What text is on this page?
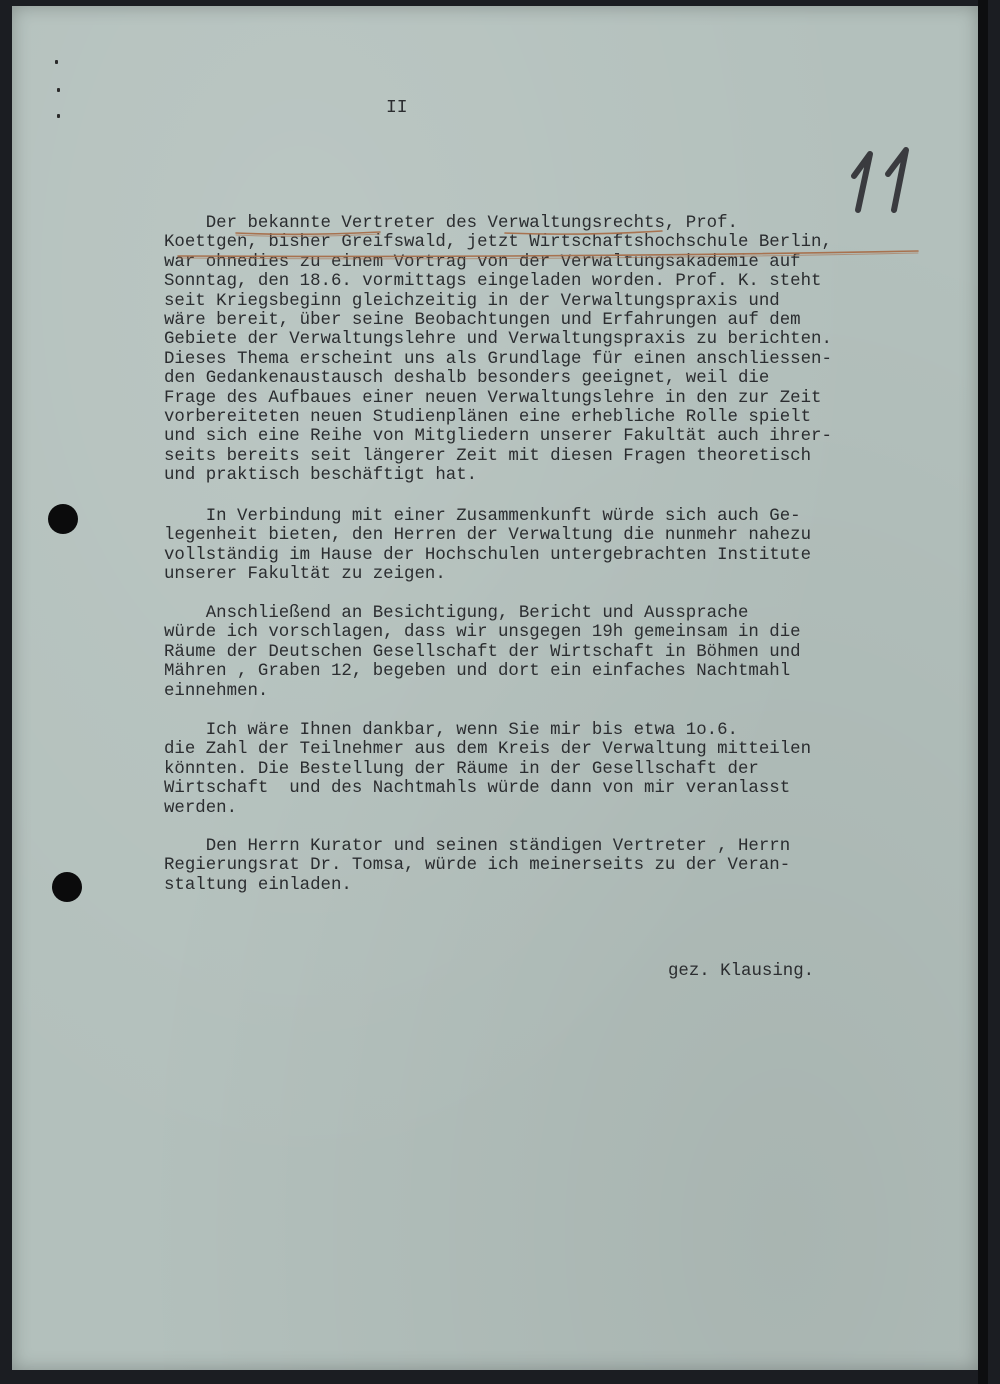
II
Der bekannte Vertreter des Verwaltungsrechts, Prof.
Koettgen, bisher Greifswald, jetzt Wirtschaftshochschule Berlin,
war ohnedies zu einem Vortrag von der Verwaltungsakademie auf
Sonntag, den 18.6. vormittags eingeladen worden. Prof. K. steht
seit Kriegsbeginn gleichzeitig in der Verwaltungspraxis und
wäre bereit, über seine Beobachtungen und Erfahrungen auf dem
Gebiete der Verwaltungslehre und Verwaltungspraxis zu berichten.
Dieses Thema erscheint uns als Grundlage für einen anschliessen-
den Gedankenaustausch deshalb besonders geeignet, weil die
Frage des Aufbaues einer neuen Verwaltungslehre in den zur Zeit
vorbereiteten neuen Studienplänen eine erhebliche Rolle spielt
und sich eine Reihe von Mitgliedern unserer Fakultät auch ihrer-
seits bereits seit längerer Zeit mit diesen Fragen theoretisch
und praktisch beschäftigt hat.
In Verbindung mit einer Zusammenkunft würde sich auch Ge-
legenheit bieten, den Herren der Verwaltung die nunmehr nahezu
vollständig im Hause der Hochschulen untergebrachten Institute
unserer Fakultät zu zeigen.
Anschließend an Besichtigung, Bericht und Aussprache
würde ich vorschlagen, dass wir unsgegen 19h gemeinsam in die
Räume der Deutschen Gesellschaft der Wirtschaft in Böhmen und
Mähren , Graben 12, begeben und dort ein einfaches Nachtmahl
einnehmen.
Ich wäre Ihnen dankbar, wenn Sie mir bis etwa 1o.6.
die Zahl der Teilnehmer aus dem Kreis der Verwaltung mitteilen
könnten. Die Bestellung der Räume in der Gesellschaft der
Wirtschaft  und des Nachtmahls würde dann von mir veranlasst
werden.
Den Herrn Kurator und seinen ständigen Vertreter , Herrn
Regierungsrat Dr. Tomsa, würde ich meinerseits zu der Veran-
staltung einladen.
gez. Klausing.
